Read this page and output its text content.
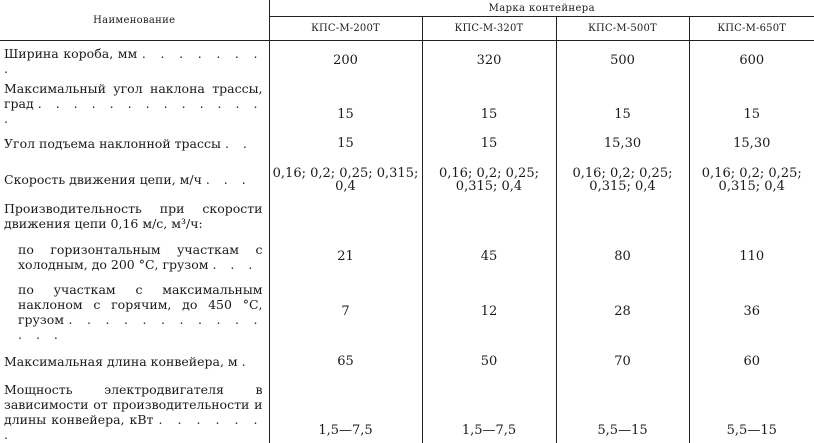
Наименование	Марка контейнера			
	КПС-М-200Т	КПС-М-320Т	КПС-М-500Т	КПС-М-650Т
Ширина короба, мм . . . . . . . .	200	320	500	600
Максимальный угол наклона трассы, град . . . . . . . . . . . . . .	15	15	15	15
Угол подъема наклонной трассы . .	15	15	15,30	15,30
Скорость движения цепи, м/ч . . .	0,16; 0,2; 0,25; 0,315; 0,4	0,16; 0,2; 0,25; 0,315; 0,4	0,16; 0,2; 0,25; 0,315; 0,4	0,16; 0,2; 0,25; 0,315; 0,4
Производительность при скорости движения цепи 0,16 м/с, м³/ч:				
по горизонтальным участкам с холодным, до 200 °С, грузом . . .	21	45	80	110
по участкам с максимальным наклоном с горячим, до 450 °С, грузом . . . . . . . . . . . . . .	7	12	28	36
Максимальная длина конвейера, м .	65	50	70	60
Мощность электродвигателя в зависимости от производительности и длины конвейера, кВт . . . . . . .	1,5—7,5	1,5—7,5	5,5—15	5,5—15
